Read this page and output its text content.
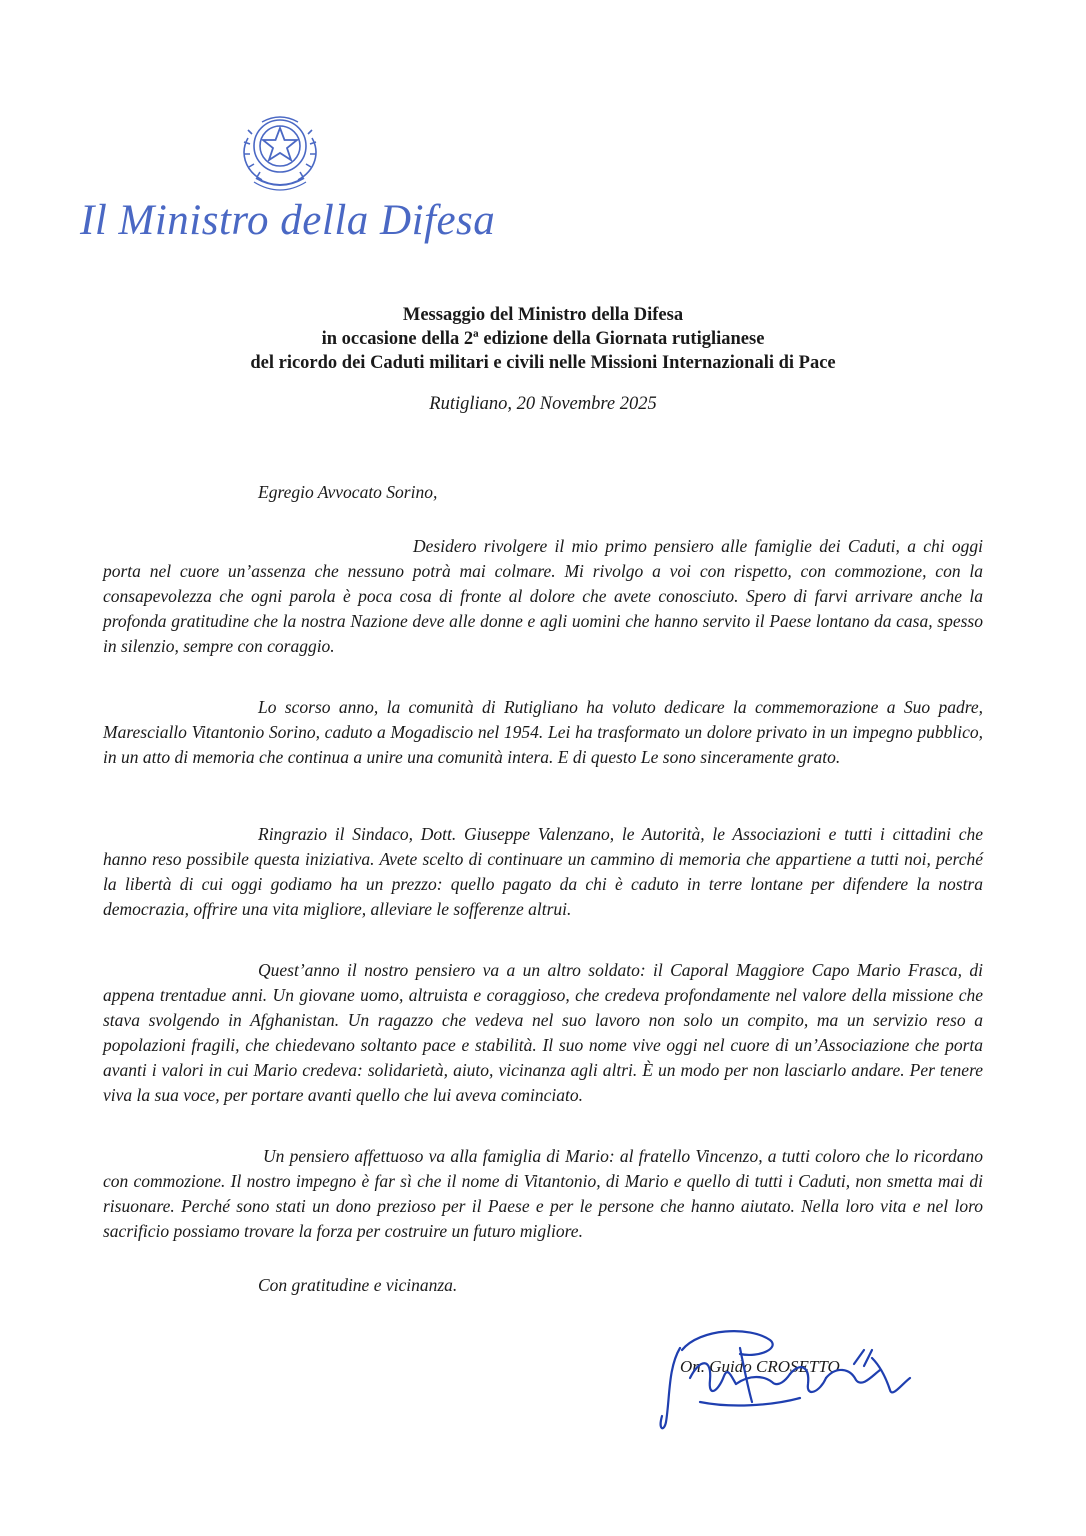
Il Ministro della Difesa
Messaggio del Ministro della Difesa
in occasione della 2ª edizione della Giornata rutiglianese
del ricordo dei Caduti militari e civili nelle Missioni Internazionali di Pace
Rutigliano, 20 Novembre 2025
Egregio Avvocato Sorino,
Desidero rivolgere il mio primo pensiero alle famiglie dei Caduti, a chi oggi porta nel cuore un’assenza che nessuno potrà mai colmare. Mi rivolgo a voi con rispetto, con commozione, con la consapevolezza che ogni parola è poca cosa di fronte al dolore che avete conosciuto. Spero di farvi arrivare anche la profonda gratitudine che la nostra Nazione deve alle donne e agli uomini che hanno servito il Paese lontano da casa, spesso in silenzio, sempre con coraggio.
Lo scorso anno, la comunità di Rutigliano ha voluto dedicare la commemorazione a Suo padre, Maresciallo Vitantonio Sorino, caduto a Mogadiscio nel 1954. Lei ha trasformato un dolore privato in un impegno pubblico, in un atto di memoria che continua a unire una comunità intera. E di questo Le sono sinceramente grato.
Ringrazio il Sindaco, Dott. Giuseppe Valenzano, le Autorità, le Associazioni e tutti i cittadini che hanno reso possibile questa iniziativa. Avete scelto di continuare un cammino di memoria che appartiene a tutti noi, perché la libertà di cui oggi godiamo ha un prezzo: quello pagato da chi è caduto in terre lontane per difendere la nostra democrazia, offrire una vita migliore, alleviare le sofferenze altrui.
Quest’anno il nostro pensiero va a un altro soldato: il Caporal Maggiore Capo Mario Frasca, di appena trentadue anni. Un giovane uomo, altruista e coraggioso, che credeva profondamente nel valore della missione che stava svolgendo in Afghanistan. Un ragazzo che vedeva nel suo lavoro non solo un compito, ma un servizio reso a popolazioni fragili, che chiedevano soltanto pace e stabilità. Il suo nome vive oggi nel cuore di un’Associazione che porta avanti i valori in cui Mario credeva: solidarietà, aiuto, vicinanza agli altri. È un modo per non lasciarlo andare. Per tenere viva la sua voce, per portare avanti quello che lui aveva cominciato.
Un pensiero affettuoso va alla famiglia di Mario: al fratello Vincenzo, a tutti coloro che lo ricordano con commozione. Il nostro impegno è far sì che il nome di Vitantonio, di Mario e quello di tutti i Caduti, non smetta mai di risuonare. Perché sono stati un dono prezioso per il Paese e per le persone che hanno aiutato. Nella loro vita e nel loro sacrificio possiamo trovare la forza per costruire un futuro migliore.
Con gratitudine e vicinanza.
On. Guido CROSETTO
